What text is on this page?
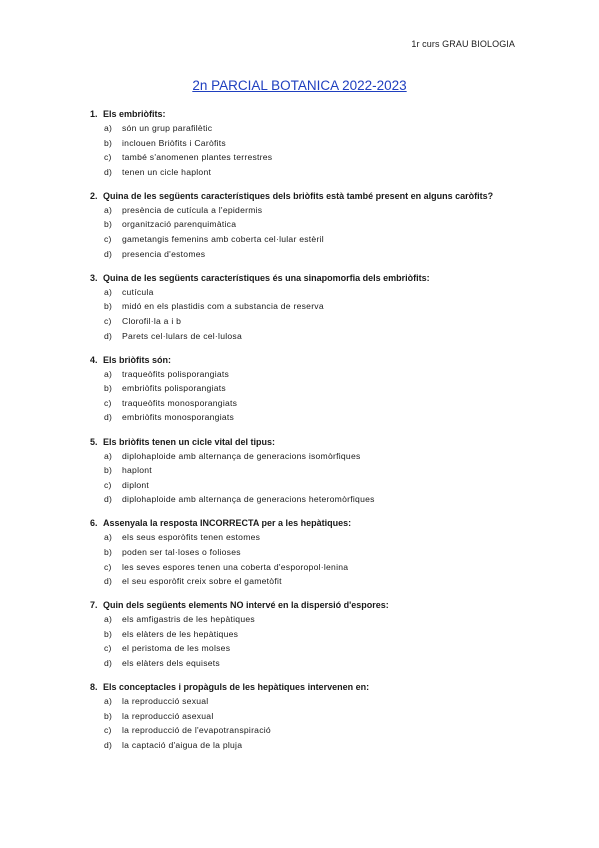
1r curs GRAU BIOLOGIA
2n PARCIAL BOTANICA 2022-2023
1. Els embriòfits:
a)	són un grup parafilètic
b)	inclouen Briòfits i Caròfits
c)	també s'anomenen plantes terrestres
d)	tenen un cicle haplont
2. Quina de les següents característiques dels briòfits està també present en alguns caròfits?
a)	presència de cutícula a l'epidermis
b)	organització parenquimàtica
c)	gametangis femenins amb coberta cel·lular estèril
d)	presencia d'estomes
3. Quina de les següents característiques és una sinapomorfia dels embriòfits:
a)	cutícula
b)	midó en els plastidis com a substancia de reserva
c)	Clorofil·la a i b
d)	Parets cel·lulars de cel·lulosa
4. Els briòfits són:
a)	traqueòfits polisporangiats
b)	embriòfits polisporangiats
c)	traqueòfits monosporangiats
d)	embriòfits monosporangiats
5. Els briòfits tenen un cicle vital del tipus:
a)	diplohaploide amb alternança de generacions isomòrfiques
b)	haplont
c)	diplont
d)	diplohaploide amb alternança de generacions heteromòrfiques
6. Assenyala la resposta INCORRECTA per a les hepàtiques:
a)	els seus esporòfits tenen estomes
b)	poden ser tal·loses o folioses
c)	les seves espores tenen una coberta d'esporopol·lenina
d)	el seu esporòfit creix sobre el gametòfit
7. Quin dels següents elements NO intervé en la dispersió d'espores:
a)	els amfigastris de les hepàtiques
b)	els elàters de les hepàtiques
c)	el peristoma de les molses
d)	els elàters dels equisets
8. Els conceptacles i propàguls de les hepàtiques intervenen en:
a)	la reproducció sexual
b)	la reproducció asexual
c)	la reproducció de l'evapotranspiració
d)	la captació d'aigua de la pluja
